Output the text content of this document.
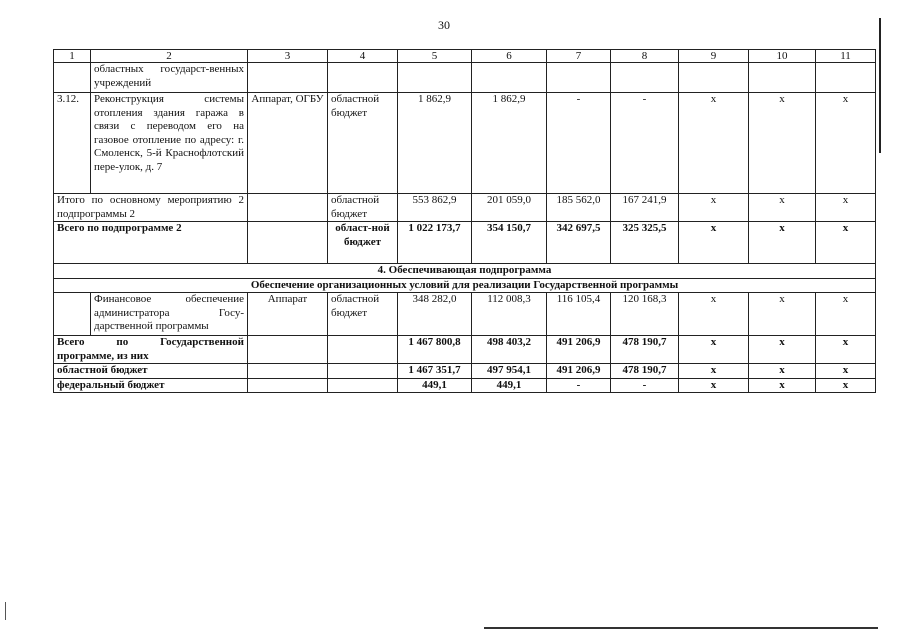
30
1	2	3	4	5	6	7	8	9	10	11
	областных государст-венных учреждений									
3.12.	Реконструкция системы отопления здания гаража в связи с переводом его на газовое отопление по адресу: г. Смоленск, 5-й Краснофлотский пере-улок, д. 7	Аппарат, ОГБУ	областной бюджет	1 862,9	1 862,9	-	-	х	х	х
Итого по основному мероприятию 2 подпрограммы 2			областной бюджет	553 862,9	201 059,0	185 562,0	167 241,9	х	х	х
Всего по подпрограмме 2			област-ной бюджет	1 022 173,7	354 150,7	342 697,5	325 325,5	х	х	х
4. Обеспечивающая подпрограмма										
Обеспечение организационных условий для реализации Государственной программы										
	Финансовое обеспечение администратора Госу-дарственной программы	Аппарат	областной бюджет	348 282,0	112 008,3	116 105,4	120 168,3	х	х	х
Всего по Государственной программе, из них				1 467 800,8	498 403,2	491 206,9	478 190,7	х	х	х
областной бюджет				1 467 351,7	497 954,1	491 206,9	478 190,7	х	х	х
федеральный бюджет				449,1	449,1	-	-	х	х	х
